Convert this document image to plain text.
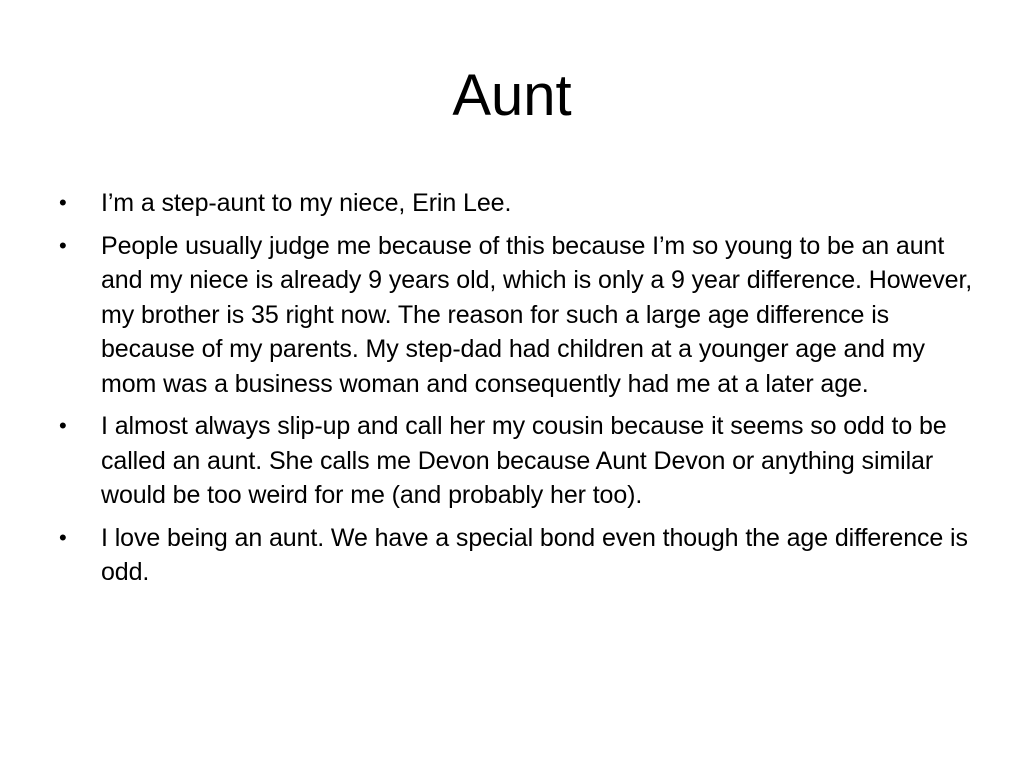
Aunt
•	I’m a step-aunt to my niece, Erin Lee.
•	People usually judge me because of this because I’m so young to be an aunt and my niece is already 9 years old, which is only a 9 year difference. However, my brother is 35 right now. The reason for such a large age difference is because of my parents. My step-dad had children at a younger age and my mom was a business woman and consequently had me at a later age.
•	I almost always slip-up and call her my cousin because it seems so odd to be called an aunt. She calls me Devon because Aunt Devon or anything similar would be too weird for me (and probably her too).
•	I love being an aunt. We have a special bond even though the age difference is odd.
